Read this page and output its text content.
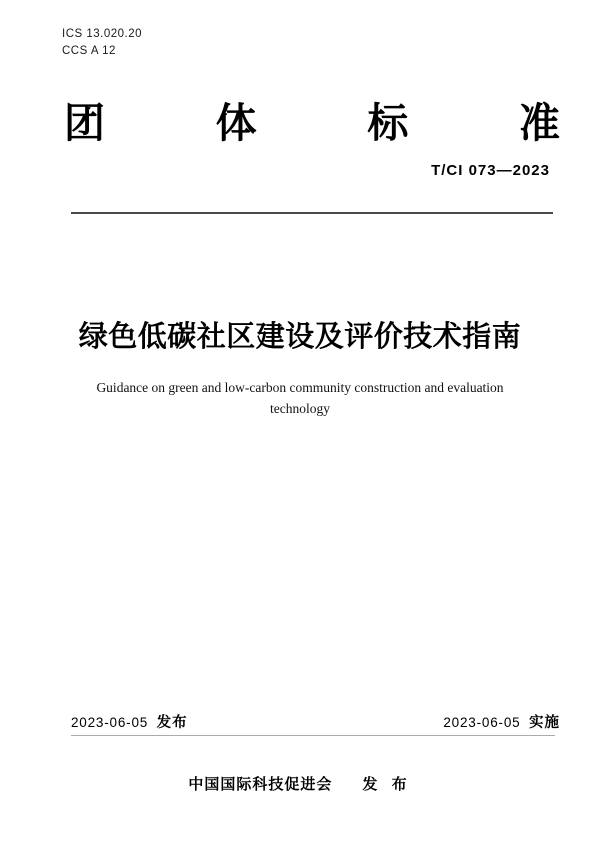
ICS 13.020.20
CCS A 12
团	体	标	准
T/CI 073—2023
绿色低碳社区建设及评价技术指南
Guidance on green and low-carbon community construction and evaluation
technology
2023-06-05 发布	2023-06-05 实施
中国国际科技促进会 发 布
